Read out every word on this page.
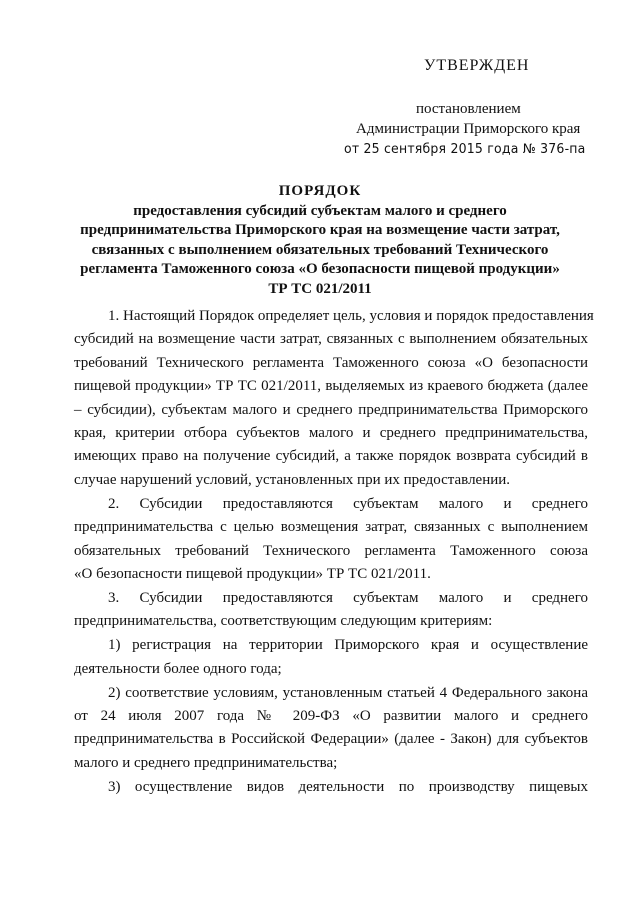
УТВЕРЖДЕН
постановлением
Администрации Приморского края
от 25 сентября 2015 года № 376-па
ПОРЯДОК
предоставления субсидий субъектам малого и среднего
предпринимательства Приморского края на возмещение части затрат,
связанных с выполнением обязательных требований Технического
регламента Таможенного союза «О безопасности пищевой продукции»
ТР ТС 021/2011
1. Настоящий Порядок определяет цель, условия и порядок предоставления
субсидий на возмещение части затрат, связанных с выполнением обязательных
требований Технического регламента Таможенного союза «О безопасности
пищевой продукции» ТР ТС 021/2011, выделяемых из краевого бюджета (далее
– субсидии), субъектам малого и среднего предпринимательства Приморского
края, критерии отбора субъектов малого и среднего предпринимательства,
имеющих право на получение субсидий, а также порядок возврата субсидий в
случае нарушений условий, установленных при их предоставлении.
2. Субсидии предоставляются субъектам малого и среднего
предпринимательства с целью возмещения затрат, связанных с выполнением
обязательных требований Технического регламента Таможенного союза
«О безопасности пищевой продукции» ТР ТС 021/2011.
3. Субсидии предоставляются субъектам малого и среднего
предпринимательства, соответствующим следующим критериям:
1) регистрация на территории Приморского края и осуществление
деятельности более одного года;
2) соответствие условиям, установленным статьей 4 Федерального закона
от 24 июля 2007 года № 209-ФЗ «О развитии малого и среднего
предпринимательства в Российской Федерации» (далее - Закон) для субъектов
малого и среднего предпринимательства;
3) осуществление видов деятельности по производству пищевых
